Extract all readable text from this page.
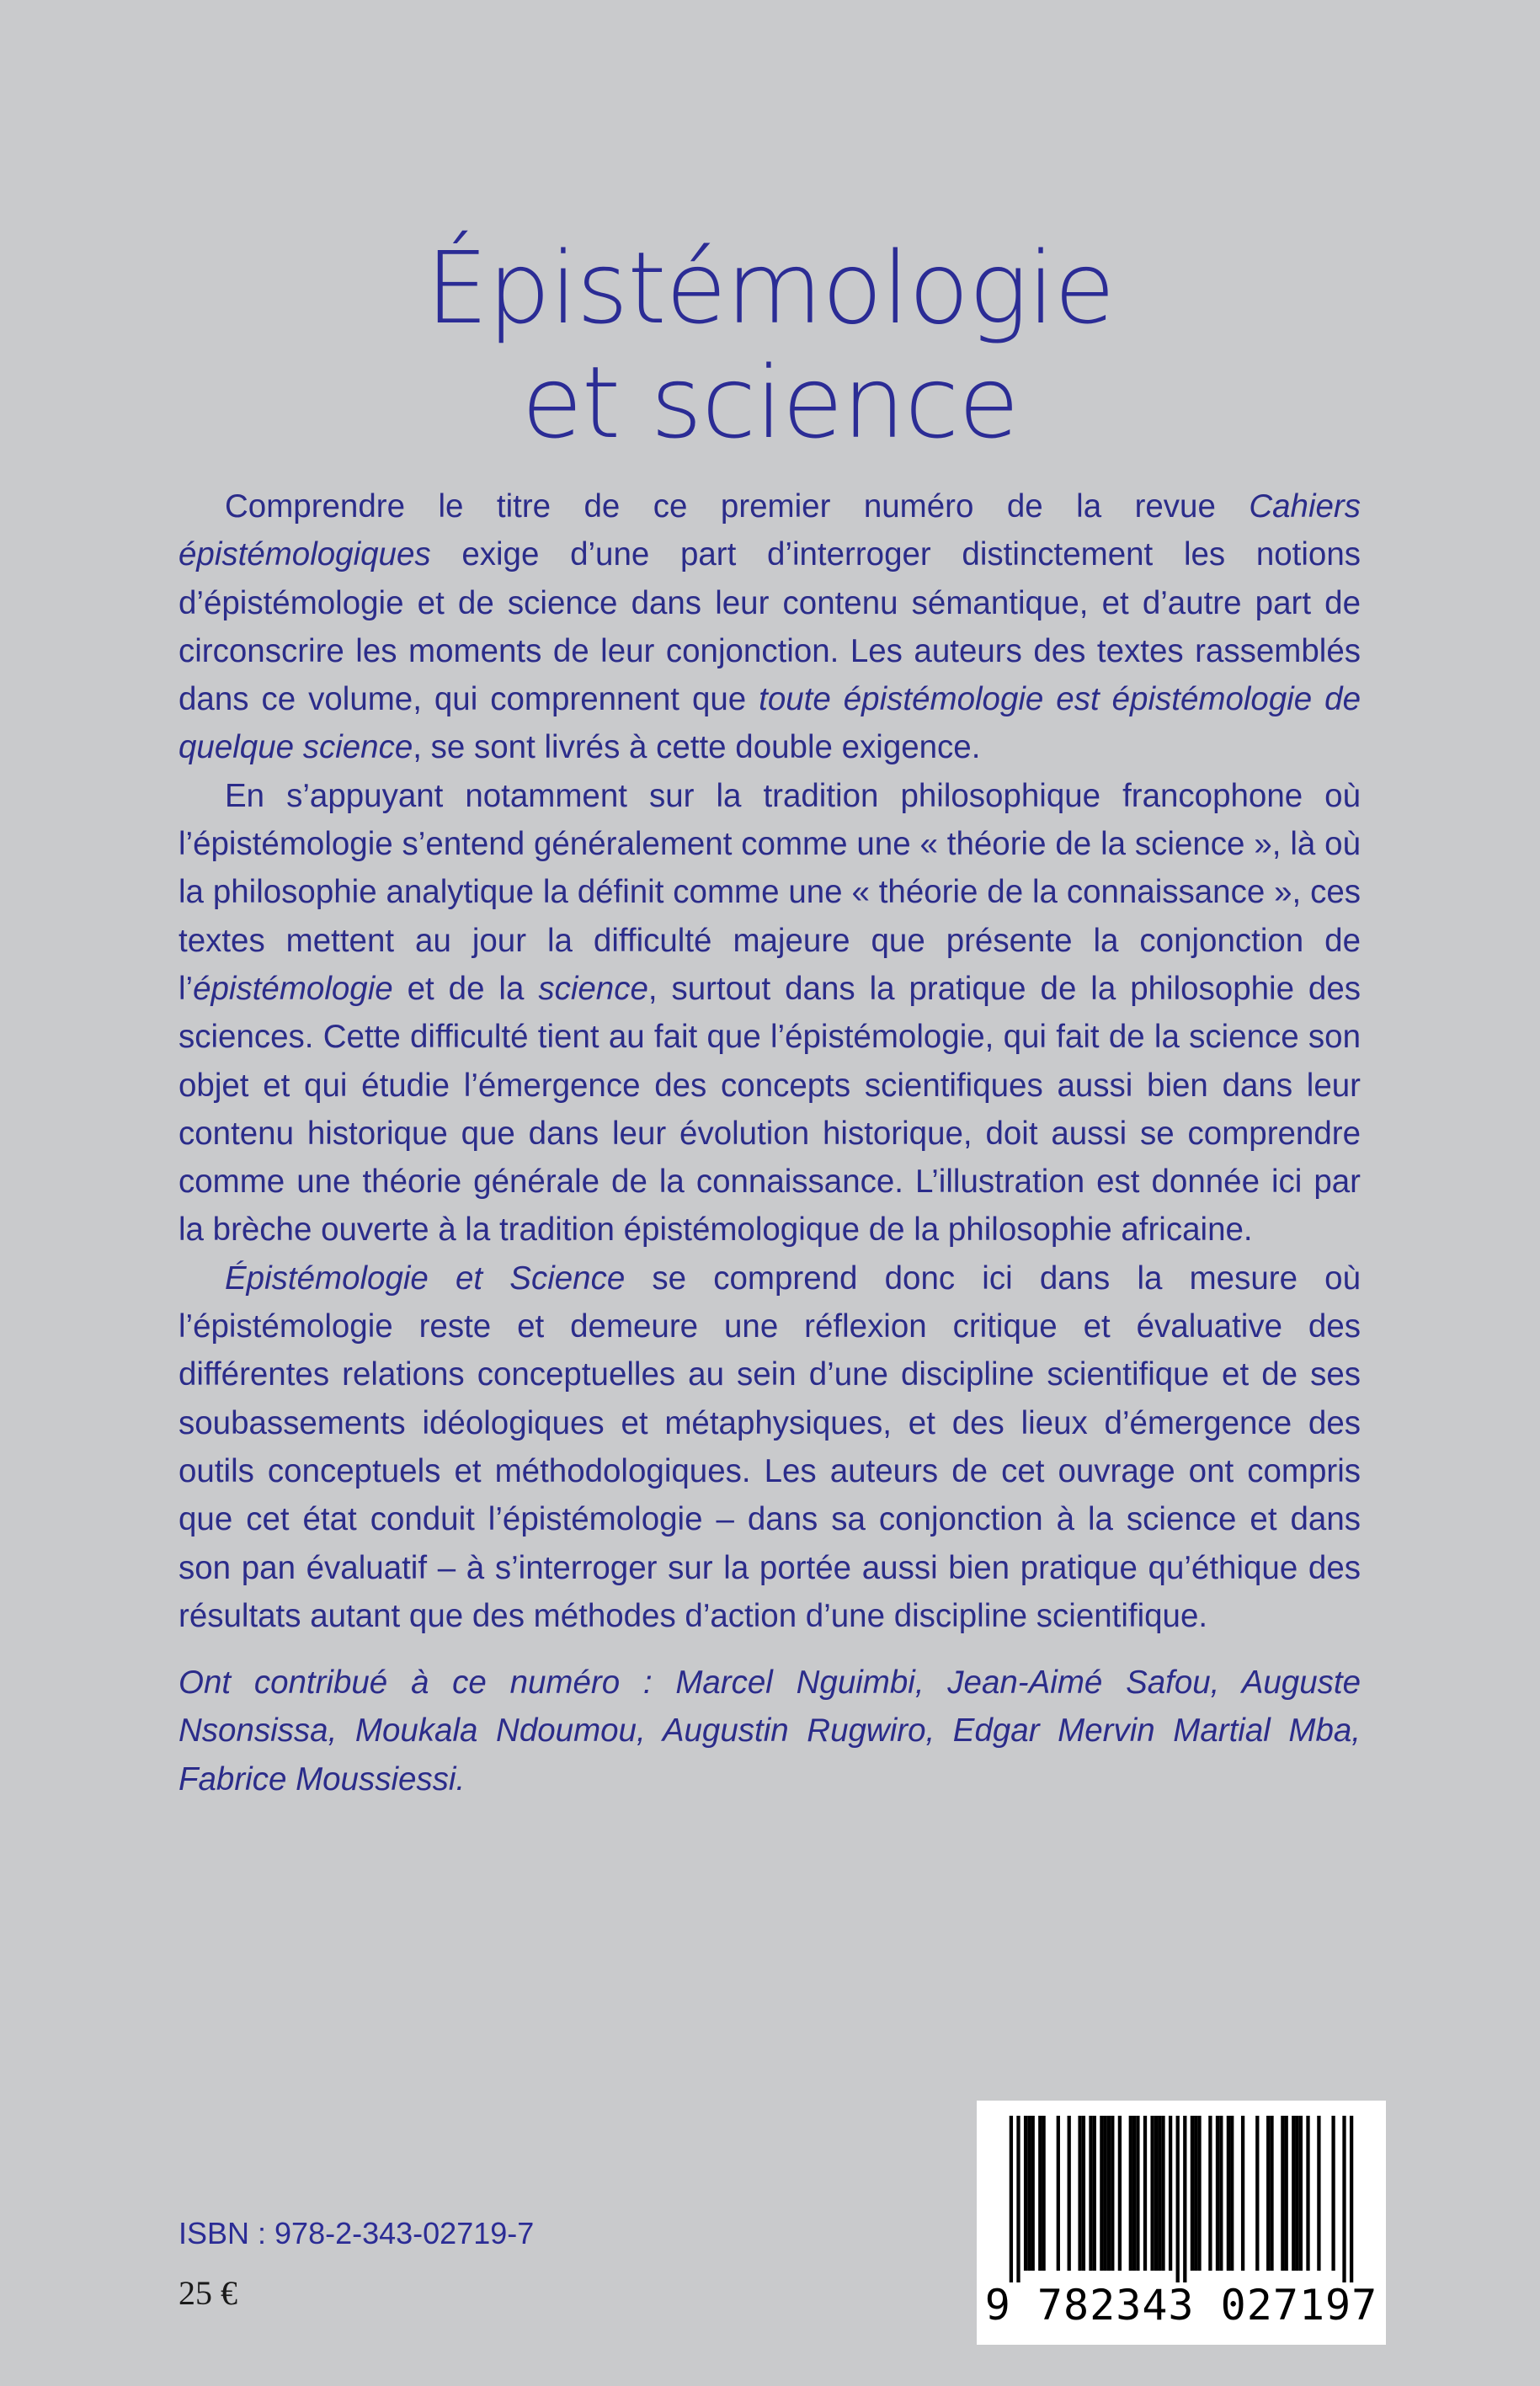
Épistémologie
et science

Comprendre le titre de ce premier numéro de la revue Cahiers épistémologiques exige d’une part d’interroger distinctement les notions d’épistémologie et de science dans leur contenu sémantique, et d’autre part de circonscrire les moments de leur conjonction. Les auteurs des textes rassemblés dans ce volume, qui comprennent que toute épistémologie est épistémologie de quelque science, se sont livrés à cette double exigence.

En s’appuyant notamment sur la tradition philosophique francophone où l’épistémologie s’entend généralement comme une « théorie de la science », là où la philosophie analytique la définit comme une « théorie de la connaissance », ces textes mettent au jour la difficulté majeure que présente la conjonction de l’épistémologie et de la science, surtout dans la pratique de la philosophie des sciences. Cette difficulté tient au fait que l’épistémologie, qui fait de la science son objet et qui étudie l’émergence des concepts scientifiques aussi bien dans leur contenu historique que dans leur évolution historique, doit aussi se comprendre comme une théorie générale de la connaissance. L’illustration est donnée ici par la brèche ouverte à la tradition épistémologique de la philosophie africaine.

Épistémologie et Science se comprend donc ici dans la mesure où l’épistémologie reste et demeure une réflexion critique et évaluative des différentes relations conceptuelles au sein d’une discipline scientifique et de ses soubassements idéologiques et métaphysiques, et des lieux d’émergence des outils conceptuels et méthodologiques. Les auteurs de cet ouvrage ont compris que cet état conduit l’épistémologie – dans sa conjonction à la science et dans son pan évaluatif – à s’interroger sur la portée aussi bien pratique qu’éthique des résultats autant que des méthodes d’action d’une discipline scientifique.

Ont contribué à ce numéro : Marcel Nguimbi, Jean-Aimé Safou, Auguste Nsonsissa, Moukala Ndoumou, Augustin Rugwiro, Edgar Mervin Martial Mba, Fabrice Moussiessi.
ISBN : 978-2-343-02719-7
25 €	9 782343 027197
